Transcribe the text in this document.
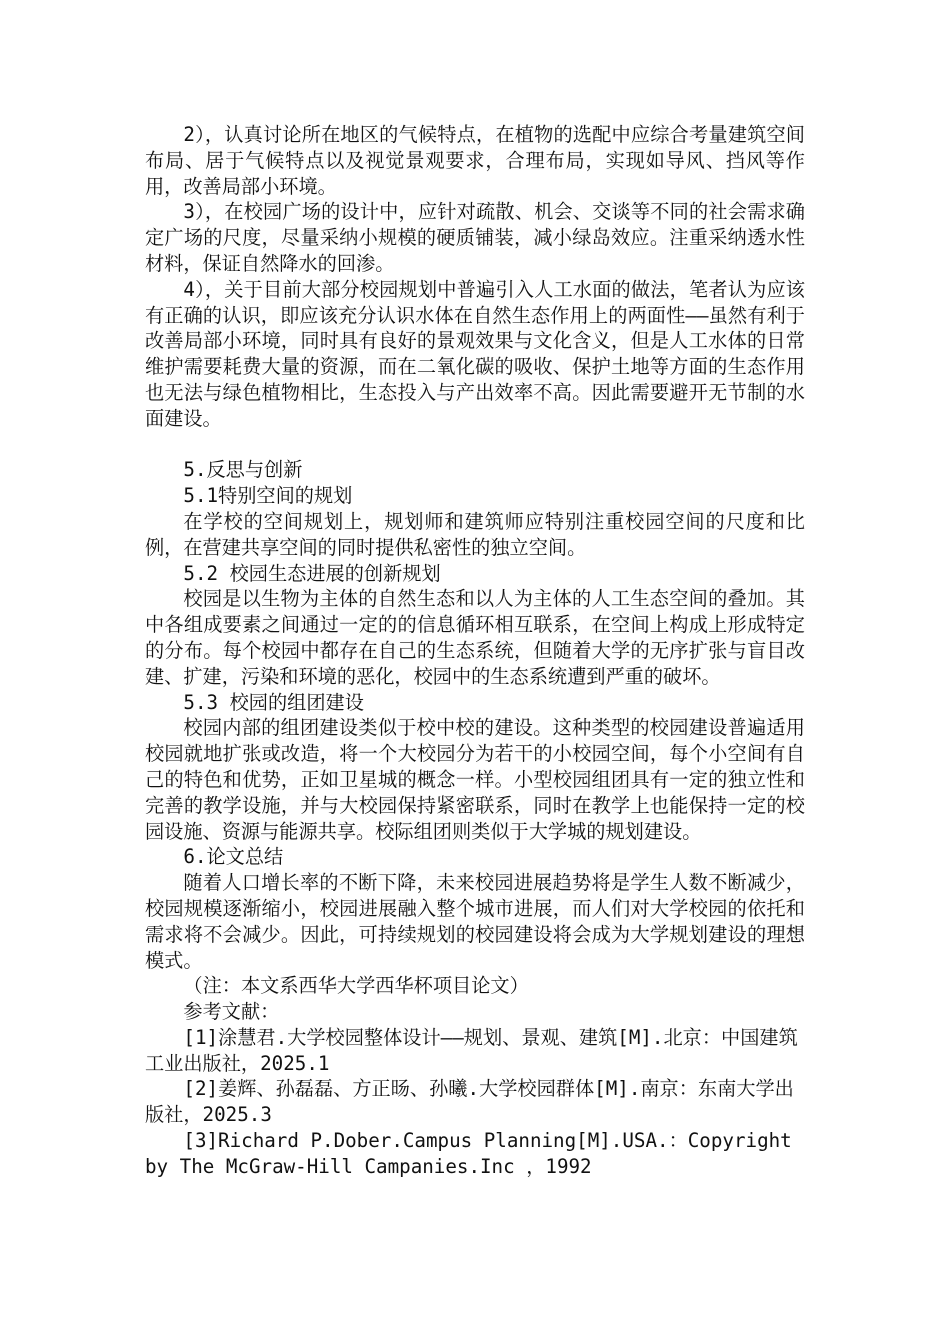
2），认真讨论所在地区的气候特点，在植物的选配中应综合考量建筑空间布局、居于气候特点以及视觉景观要求，合理布局，实现如导风、挡风等作用，改善局部小环境。

3），在校园广场的设计中，应针对疏散、机会、交谈等不同的社会需求确定广场的尺度，尽量采纳小规模的硬质铺装，减小绿岛效应。注重采纳透水性材料，保证自然降水的回渗。

4），关于目前大部分校园规划中普遍引入人工水面的做法，笔者认为应该有正确的认识，即应该充分认识水体在自然生态作用上的两面性——虽然有利于改善局部小环境，同时具有良好的景观效果与文化含义，但是人工水体的日常维护需要耗费大量的资源，而在二氧化碳的吸收、保护土地等方面的生态作用也无法与绿色植物相比，生态投入与产出效率不高。因此需要避开无节制的水面建设。

5.反思与创新

5.1特别空间的规划

在学校的空间规划上，规划师和建筑师应特别注重校园空间的尺度和比例，在营建共享空间的同时提供私密性的独立空间。

5.2 校园生态进展的创新规划

校园是以生物为主体的自然生态和以人为主体的人工生态空间的叠加。其中各组成要素之间通过一定的的信息循环相互联系，在空间上构成上形成特定的分布。每个校园中都存在自己的生态系统，但随着大学的无序扩张与盲目改建、扩建，污染和环境的恶化，校园中的生态系统遭到严重的破坏。

5.3 校园的组团建设

校园内部的组团建设类似于校中校的建设。这种类型的校园建设普遍适用校园就地扩张或改造，将一个大校园分为若干的小校园空间，每个小空间有自己的特色和优势，正如卫星城的概念一样。小型校园组团具有一定的独立性和完善的教学设施，并与大校园保持紧密联系，同时在教学上也能保持一定的校园设施、资源与能源共享。校际组团则类似于大学城的规划建设。

6.论文总结

随着人口增长率的不断下降，未来校园进展趋势将是学生人数不断减少，校园规模逐渐缩小，校园进展融入整个城市进展，而人们对大学校园的依托和需求将不会减少。因此，可持续规划的校园建设将会成为大学规划建设的理想模式。

（注：本文系西华大学西华杯项目论文）

参考文献：

[1]涂慧君.大学校园整体设计——规划、景观、建筑[M].北京：中国建筑工业出版社，2025.1

[2]姜辉、孙磊磊、方正旸、孙曦.大学校园群体[M].南京：东南大学出版社，2025.3

[3]Richard P.Dober.Campus Planning[M].USA.：Copyright by The McGraw-Hill Campanies.Inc ，1992
